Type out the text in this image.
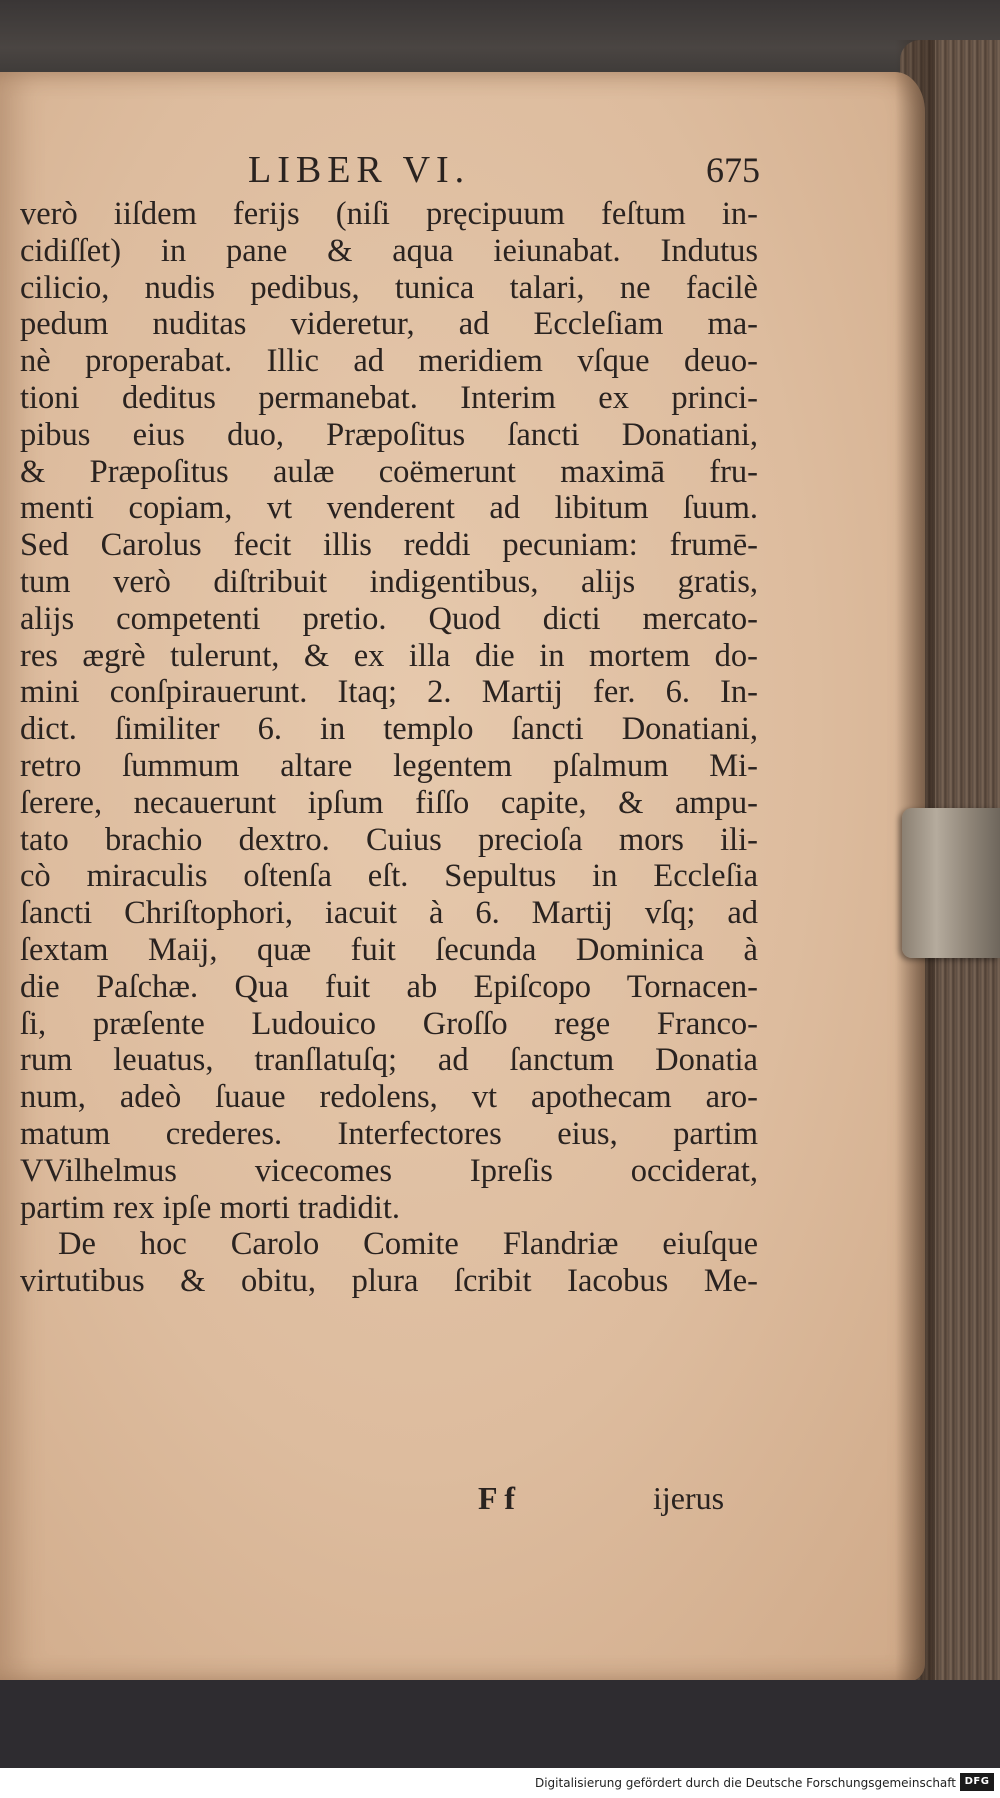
LIBER VI.	675
verò iiſdem ferijs (niſi pręcipuum feſtum in-
cidiſſet) in pane & aqua ieiunabat. Indutus
cilicio, nudis pedibus, tunica talari, ne facilè
pedum nuditas videretur, ad Eccleſiam ma-
nè properabat. Illic ad meridiem vſque deuo-
tioni deditus permanebat. Interim ex princi-
pibus eius duo, Præpoſitus ſancti Donatiani,
& Præpoſitus aulæ coëmerunt maximā fru-
menti copiam, vt venderent ad libitum ſuum.
Sed Carolus fecit illis reddi pecuniam: frumē-
tum verò diſtribuit indigentibus, alijs gratis,
alijs competenti pretio. Quod dicti mercato-
res ægrè tulerunt, & ex illa die in mortem do-
mini conſpirauerunt. Itaq; 2. Martij fer. 6. In-
dict. ſimiliter 6. in templo ſancti Donatiani,
retro ſummum altare legentem pſalmum Mi-
ſerere, necauerunt ipſum fiſſo capite, & ampu-
tato brachio dextro. Cuius precioſa mors ili-
cò miraculis oſtenſa eſt. Sepultus in Eccleſia
ſancti Chriſtophori, iacuit à 6. Martij vſq; ad
ſextam Maij, quæ fuit ſecunda Dominica à
die Paſchæ. Qua fuit ab Epiſcopo Tornacen-
ſi, præſente Ludouico Groſſo rege Franco-
rum leuatus, tranſlatuſq; ad ſanctum Donatia
num, adeò ſuaue redolens, vt apothecam aro-
matum crederes. Interfectores eius, partim
VVilhelmus vicecomes Ipreſis occiderat,
partim rex ipſe morti tradidit.
De hoc Carolo Comite Flandriæ eiuſque
virtutibus & obitu, plura ſcribit Iacobus Me-
F f	ijerus
Digitalisierung gefördert durch die Deutsche Forschungsgemeinschaft DFG
